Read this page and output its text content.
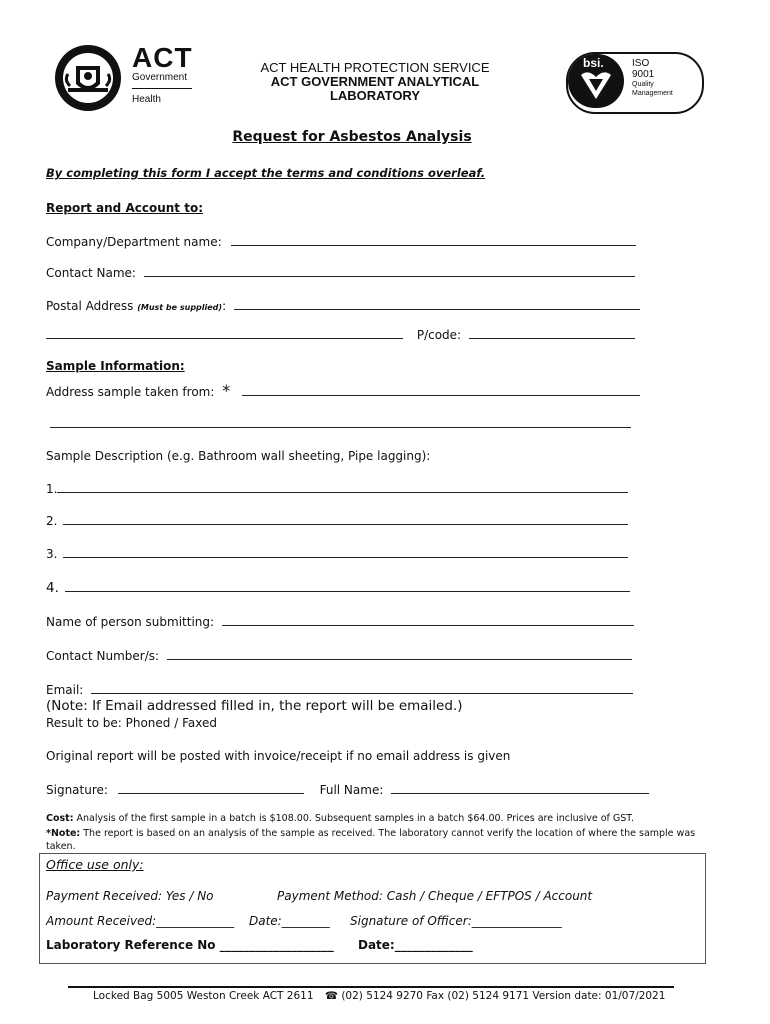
ACT
Government
Health
ACT HEALTH PROTECTION SERVICE
ACT GOVERNMENT ANALYTICAL
LABORATORY
bsi.	ISO
9001
Quality
Management
Request for Asbestos Analysis
By completing this form I accept the terms and conditions overleaf.
Report and Account to:
Company/Department name:
Contact Name:
Postal Address (Must be supplied):
P/code:
Sample Information:
Address sample taken from: *
Sample Description (e.g. Bathroom wall sheeting, Pipe lagging):
1.
2.
3.
4.
Name of person submitting:
Contact Number/s:
Email:
(Note: If Email addressed filled in, the report will be emailed.)
Result to be: Phoned / Faxed
Original report will be posted with invoice/receipt if no email address is given
Signature:	Full Name:
Cost: Analysis of the first sample in a batch is $108.00. Subsequent samples in a batch $64.00. Prices are inclusive of GST.
*Note: The report is based on an analysis of the sample as received. The laboratory cannot verify the location of where the sample was taken.
Office use only:
Payment Received: Yes / No	Payment Method: Cash / Cheque / EFTPOS / Account
Amount Received:_____________ Date:________ Signature of Officer:_______________
Laboratory Reference No ___________________ Date:_____________
Locked Bag 5005 Weston Creek ACT 2611 ☎ (02) 5124 9270 Fax (02) 5124 9171 Version date: 01/07/2021
